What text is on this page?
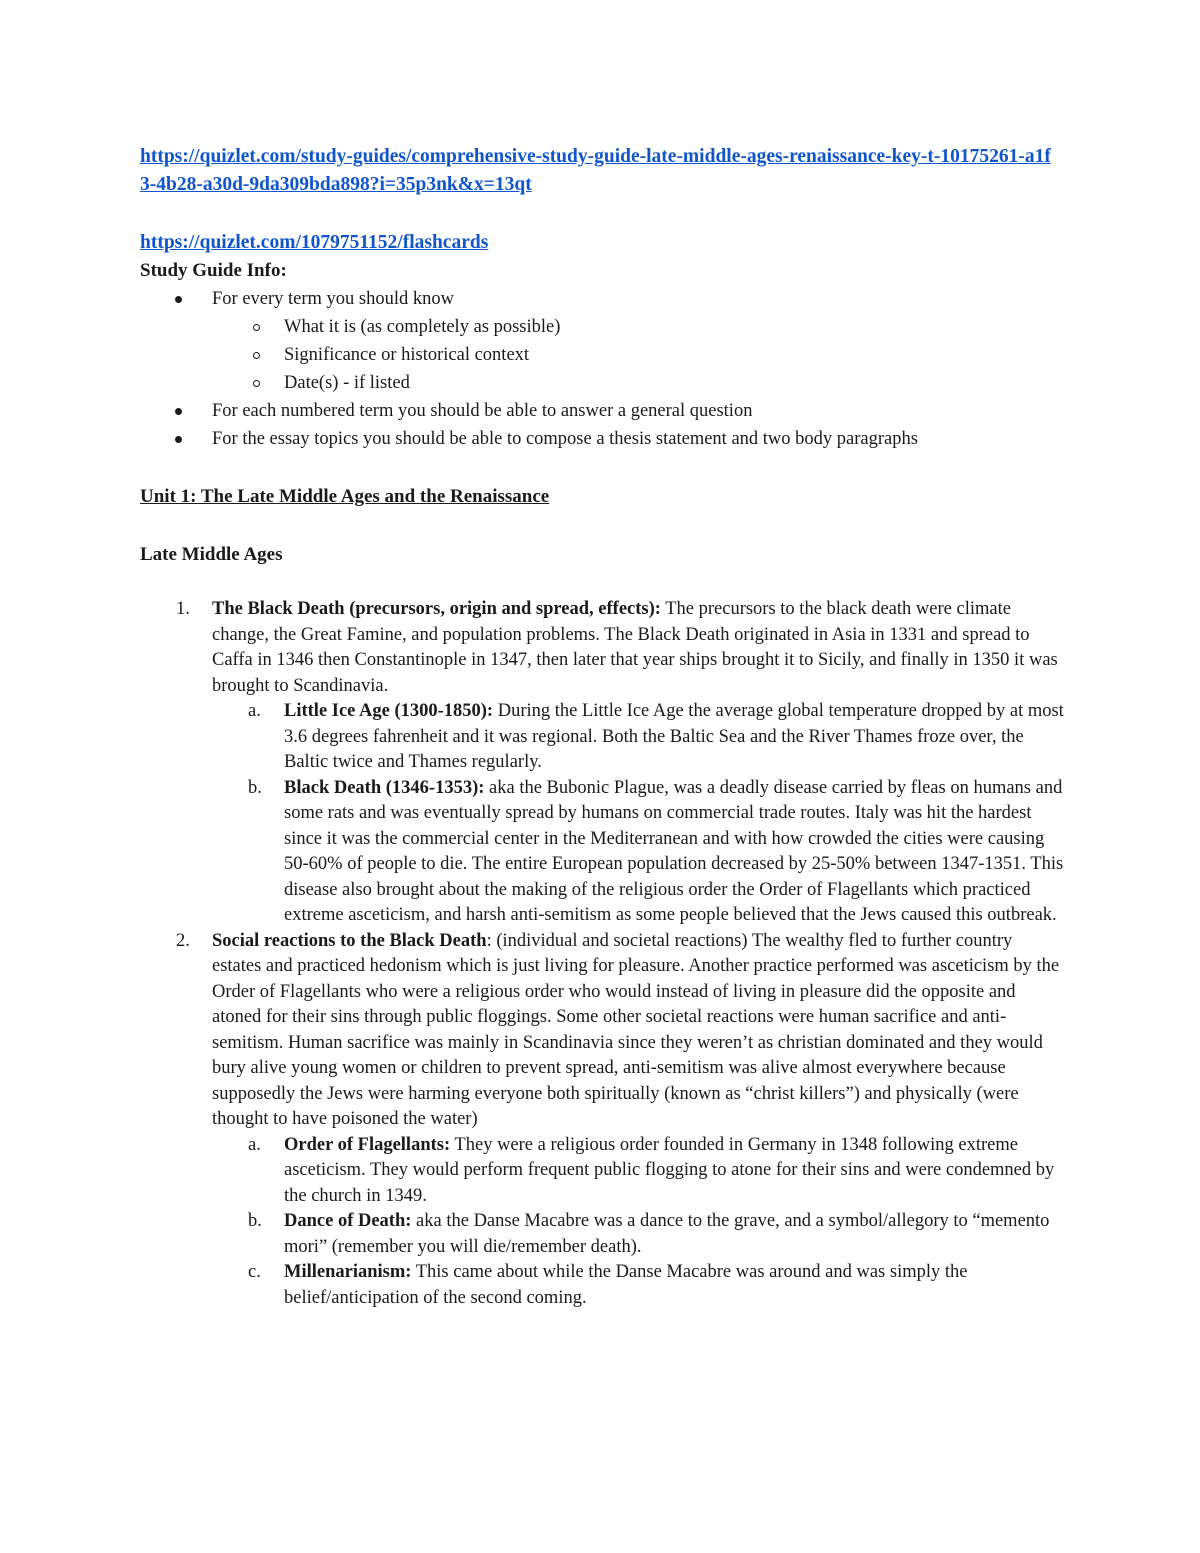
https://quizlet.com/study-guides/comprehensive-study-guide-late-middle-ages-renaissance-key-t-10175261-a1f3-4b28-a30d-9da309bda898?i=35p3nk&x=13qt
https://quizlet.com/1079751152/flashcards
Study Guide Info:
For every term you should know
What it is (as completely as possible)
Significance or historical context
Date(s) - if listed
For each numbered term you should be able to answer a general question
For the essay topics you should be able to compose a thesis statement and two body paragraphs
Unit 1: The Late Middle Ages and the Renaissance
Late Middle Ages
1. The Black Death (precursors, origin and spread, effects): The precursors to the black death were climate change, the Great Famine, and population problems. The Black Death originated in Asia in 1331 and spread to Caffa in 1346 then Constantinople in 1347, then later that year ships brought it to Sicily, and finally in 1350 it was brought to Scandinavia.
a. Little Ice Age (1300-1850): During the Little Ice Age the average global temperature dropped by at most 3.6 degrees fahrenheit and it was regional. Both the Baltic Sea and the River Thames froze over, the Baltic twice and Thames regularly.
b. Black Death (1346-1353): aka the Bubonic Plague, was a deadly disease carried by fleas on humans and some rats and was eventually spread by humans on commercial trade routes. Italy was hit the hardest since it was the commercial center in the Mediterranean and with how crowded the cities were causing 50-60% of people to die. The entire European population decreased by 25-50% between 1347-1351. This disease also brought about the making of the religious order the Order of Flagellants which practiced extreme asceticism, and harsh anti-semitism as some people believed that the Jews caused this outbreak.
2. Social reactions to the Black Death: (individual and societal reactions) The wealthy fled to further country estates and practiced hedonism which is just living for pleasure. Another practice performed was asceticism by the Order of Flagellants who were a religious order who would instead of living in pleasure did the opposite and atoned for their sins through public floggings. Some other societal reactions were human sacrifice and anti-semitism. Human sacrifice was mainly in Scandinavia since they weren’t as christian dominated and they would bury alive young women or children to prevent spread, anti-semitism was alive almost everywhere because supposedly the Jews were harming everyone both spiritually (known as “christ killers”) and physically (were thought to have poisoned the water)
a. Order of Flagellants: They were a religious order founded in Germany in 1348 following extreme asceticism. They would perform frequent public flogging to atone for their sins and were condemned by the church in 1349.
b. Dance of Death: aka the Danse Macabre was a dance to the grave, and a symbol/allegory to “memento mori” (remember you will die/remember death).
c. Millenarianism: This came about while the Danse Macabre was around and was simply the belief/anticipation of the second coming.
